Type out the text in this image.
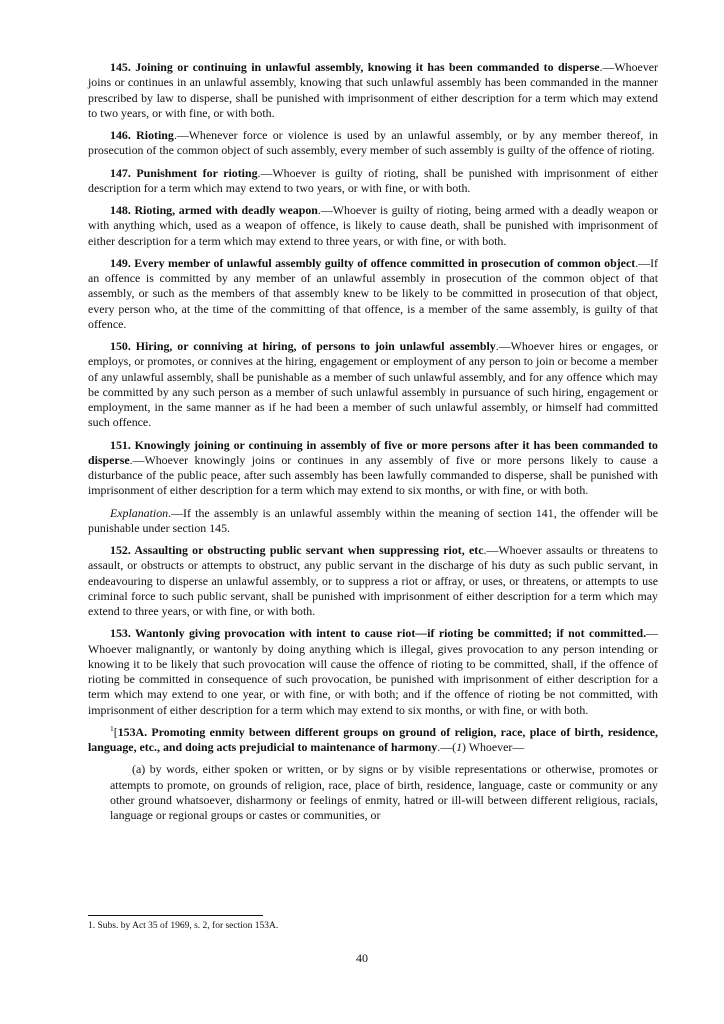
145. Joining or continuing in unlawful assembly, knowing it has been commanded to disperse.—Whoever joins or continues in an unlawful assembly, knowing that such unlawful assembly has been commanded in the manner prescribed by law to disperse, shall be punished with imprisonment of either description for a term which may extend to two years, or with fine, or with both.

146. Rioting.—Whenever force or violence is used by an unlawful assembly, or by any member thereof, in prosecution of the common object of such assembly, every member of such assembly is guilty of the offence of rioting.

147. Punishment for rioting.—Whoever is guilty of rioting, shall be punished with imprisonment of either description for a term which may extend to two years, or with fine, or with both.

148. Rioting, armed with deadly weapon.—Whoever is guilty of rioting, being armed with a deadly weapon or with anything which, used as a weapon of offence, is likely to cause death, shall be punished with imprisonment of either description for a term which may extend to three years, or with fine, or with both.

149. Every member of unlawful assembly guilty of offence committed in prosecution of common object.—If an offence is committed by any member of an unlawful assembly in prosecution of the common object of that assembly, or such as the members of that assembly knew to be likely to be committed in prosecution of that object, every person who, at the time of the committing of that offence, is a member of the same assembly, is guilty of that offence.

150. Hiring, or conniving at hiring, of persons to join unlawful assembly.—Whoever hires or engages, or employs, or promotes, or connives at the hiring, engagement or employment of any person to join or become a member of any unlawful assembly, shall be punishable as a member of such unlawful assembly, and for any offence which may be committed by any such person as a member of such unlawful assembly in pursuance of such hiring, engagement or employment, in the same manner as if he had been a member of such unlawful assembly, or himself had committed such offence.

151. Knowingly joining or continuing in assembly of five or more persons after it has been commanded to disperse.—Whoever knowingly joins or continues in any assembly of five or more persons likely to cause a disturbance of the public peace, after such assembly has been lawfully commanded to disperse, shall be punished with imprisonment of either description for a term which may extend to six months, or with fine, or with both.

Explanation.—If the assembly is an unlawful assembly within the meaning of section 141, the offender will be punishable under section 145.

152. Assaulting or obstructing public servant when suppressing riot, etc.—Whoever assaults or threatens to assault, or obstructs or attempts to obstruct, any public servant in the discharge of his duty as such public servant, in endeavouring to disperse an unlawful assembly, or to suppress a riot or affray, or uses, or threatens, or attempts to use criminal force to such public servant, shall be punished with imprisonment of either description for a term which may extend to three years, or with fine, or with both.

153. Wantonly giving provocation with intent to cause riot—if rioting be committed; if not committed.—Whoever malignantly, or wantonly by doing anything which is illegal, gives provocation to any person intending or knowing it to be likely that such provocation will cause the offence of rioting to be committed, shall, if the offence of rioting be committed in consequence of such provocation, be punished with imprisonment of either description for a term which may extend to one year, or with fine, or with both; and if the offence of rioting be not committed, with imprisonment of either description for a term which may extend to six months, or with fine, or with both.

$^1$[153A. Promoting enmity between different groups on ground of religion, race, place of birth, residence, language, etc., and doing acts prejudicial to maintenance of harmony.—(1) Whoever—

(a) by words, either spoken or written, or by signs or by visible representations or otherwise, promotes or attempts to promote, on grounds of religion, race, place of birth, residence, language, caste or community or any other ground whatsoever, disharmony or feelings of enmity, hatred or ill-will between different religious, racials, language or regional groups or castes or communities, or

1. Subs. by Act 35 of 1969, s. 2, for section 153A.
40
